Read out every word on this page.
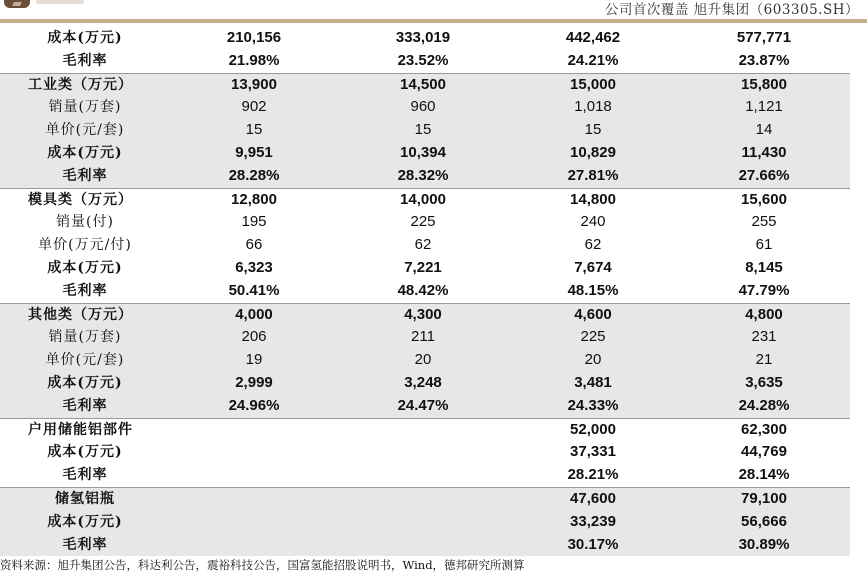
公司首次覆盖 旭升集团（603305.SH）
成本(万元)	210,156	333,019	442,462	577,771
毛利率	21.98%	23.52%	24.21%	23.87%
工业类（万元）	13,900	14,500	15,000	15,800
销量(万套)	902	960	1,018	1,121
单价(元/套)	15	15	15	14
成本(万元)	9,951	10,394	10,829	11,430
毛利率	28.28%	28.32%	27.81%	27.66%
模具类（万元）	12,800	14,000	14,800	15,600
销量(付)	195	225	240	255
单价(万元/付)	66	62	62	61
成本(万元)	6,323	7,221	7,674	8,145
毛利率	50.41%	48.42%	48.15%	47.79%
其他类（万元）	4,000	4,300	4,600	4,800
销量(万套)	206	211	225	231
单价(元/套)	19	20	20	21
成本(万元)	2,999	3,248	3,481	3,635
毛利率	24.96%	24.47%	24.33%	24.28%
户用储能铝部件			52,000	62,300
成本(万元)			37,331	44,769
毛利率			28.21%	28.14%
储氢铝瓶			47,600	79,100
成本(万元)			33,239	56,666
毛利率			30.17%	30.89%
资料来源：旭升集团公告，科达利公告，震裕科技公告，国富氢能招股说明书，Wind，德邦研究所测算
